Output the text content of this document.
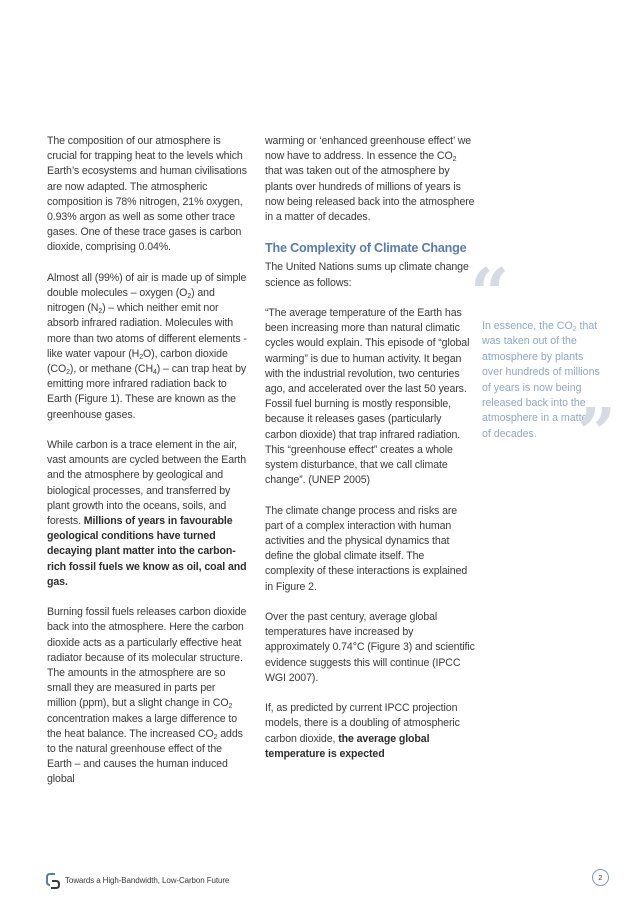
The composition of our atmosphere is crucial for trapping heat to the levels which Earth’s ecosystems and human civilisations are now adapted. The atmospheric composition is 78% nitrogen, 21% oxygen, 0.93% argon as well as some other trace gases. One of these trace gases is carbon dioxide, comprising 0.04%.

Almost all (99%) of air is made up of simple double molecules – oxygen $(O_2)$ and nitrogen $(N_2)$ – which neither emit nor absorb infrared radiation. Molecules with more than two atoms of different elements - like water vapour $(H_2O)$, carbon dioxide $(CO_2)$, or methane $(CH_4)$ – can trap heat by emitting more infrared radiation back to Earth (Figure 1). These are known as the greenhouse gases.

While carbon is a trace element in the air, vast amounts are cycled between the Earth and the atmosphere by geological and biological processes, and transferred by plant growth into the oceans, soils, and forests. Millions of years in favourable geological conditions have turned decaying plant matter into the carbon-rich fossil fuels we know as oil, coal and gas.

Burning fossil fuels releases carbon dioxide back into the atmosphere. Here the carbon dioxide acts as a particularly effective heat radiator because of its molecular structure. The amounts in the atmosphere are so small they are measured in parts per million (ppm), but a slight change in $CO_2$ concentration makes a large difference to the heat balance. The increased $CO_2$ adds to the natural greenhouse effect of the Earth – and causes the human induced global

warming or ‘enhanced greenhouse effect’ we now have to address. In essence the $CO_2$ that was taken out of the atmosphere by plants over hundreds of millions of years is now being released back into the atmosphere in a matter of decades.

The Complexity of Climate Change

The United Nations sums up climate change science as follows:

“The average temperature of the Earth has been increasing more than natural climatic cycles would explain. This episode of “global warming” is due to human activity. It began with the industrial revolution, two centuries ago, and accelerated over the last 50 years. Fossil fuel burning is mostly responsible, because it releases gases (particularly carbon dioxide) that trap infrared radiation. This “greenhouse effect” creates a whole system disturbance, that we call climate change”. (UNEP 2005)

The climate change process and risks are part of a complex interaction with human activities and the physical dynamics that define the global climate itself. The complexity of these interactions is explained in Figure 2.

Over the past century, average global temperatures have increased by approximately 0.74°C (Figure 3) and scientific evidence suggests this will continue (IPCC WGI 2007).

If, as predicted by current IPCC projection models, there is a doubling of atmospheric carbon dioxide, the average global temperature is expected

“
In essence, the $CO_2$ that was taken out of the atmosphere by plants over hundreds of millions of years is now being released back into the atmosphere in a matter of decades. ”
Towards a High-Bandwidth, Low-Carbon Future	2
